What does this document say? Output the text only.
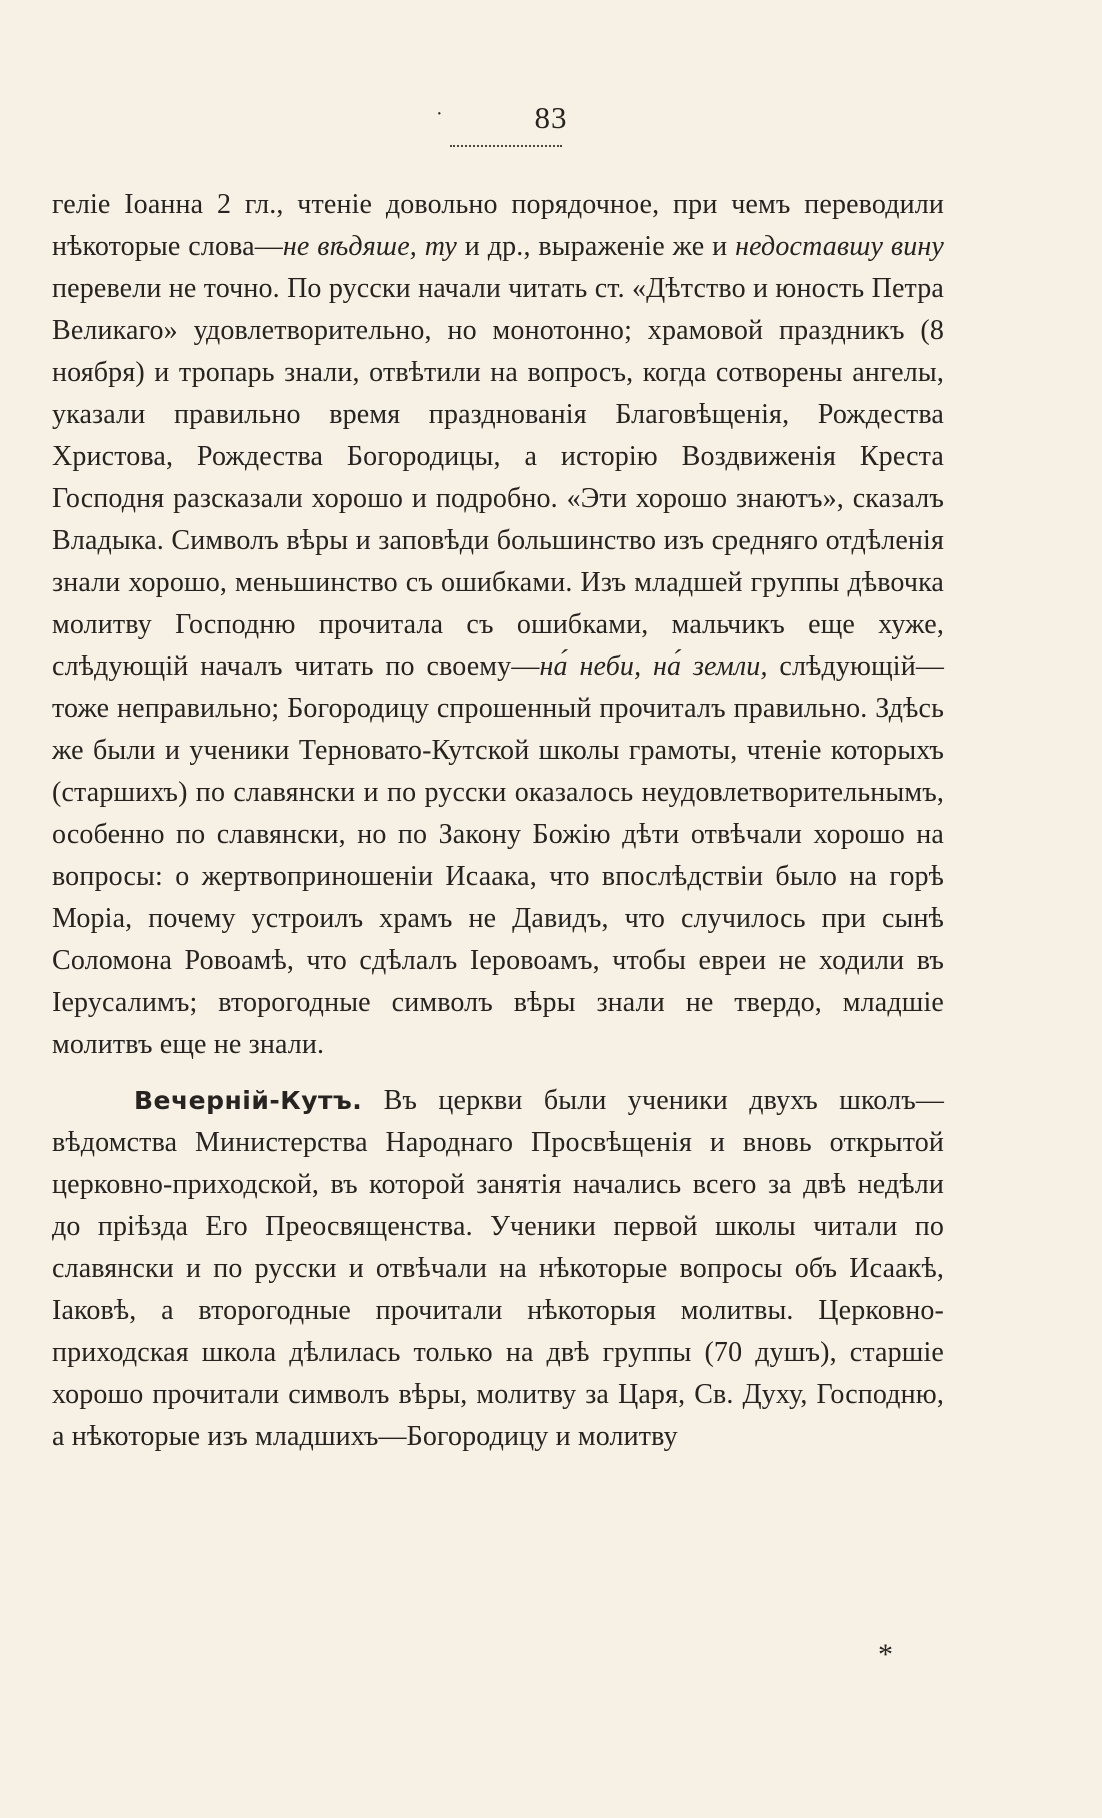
·	83

геліе Іоанна 2 гл., чтеніе довольно порядочное, при чемъ переводили нѣкоторые слова—не вѣдяше, ту и др., выраженіе же и недоставшу вину перевели не точно. По русски начали читать ст. «Дѣтство и юность Петра Великаго» удовлетворительно, но монотонно; храмовой праздникъ (8 ноября) и тропарь знали, отвѣтили на вопросъ, когда сотворены ангелы, указали правильно время празднованія Благовѣщенія, Рождества Христова, Рождества Богородицы, а исторію Воздвиженія Креста Господня разсказали хорошо и подробно. «Эти хорошо знаютъ», сказалъ Владыка. Символъ вѣры и заповѣди большинство изъ средняго отдѣленія знали хорошо, меньшинство съ ошибками. Изъ младшей группы дѣвочка молитву Господню прочитала съ ошибками, мальчикъ еще хуже, слѣдующій началъ читать по своему—на́ неби, на́ земли, слѣдующій—тоже неправильно; Богородицу спрошенный прочиталъ правильно. Здѣсь же были и ученики Терновато-Кутской школы грамоты, чтеніе которыхъ (старшихъ) по славянски и по русски оказалось неудовлетворительнымъ, особенно по славянски, но по Закону Божію дѣти отвѣчали хорошо на вопросы: о жертвоприношеніи Исаака, что впослѣдствіи было на горѣ Моріа, почему устроилъ храмъ не Давидъ, что случилось при сынѣ Соломона Ровоамѣ, что сдѣлалъ Іеровоамъ, чтобы евреи не ходили въ Іерусалимъ; второгодные символъ вѣры знали не твердо, младшіе молитвъ еще не знали.

Вечерній-Кутъ. Въ церкви были ученики двухъ школъ—вѣдомства Министерства Народнаго Просвѣщенія и вновь открытой церковно-приходской, въ которой занятія начались всего за двѣ недѣли до пріѣзда Его Преосвященства. Ученики первой школы читали по славянски и по русски и отвѣчали на нѣкоторые вопросы объ Исаакѣ, Іаковѣ, а второгодные прочитали нѣкоторыя молитвы. Церковно-приходская школа дѣлилась только на двѣ группы (70 душъ), старшіе хорошо прочитали символъ вѣры, молитву за Царя, Св. Духу, Господню, а нѣкоторые изъ младшихъ—Богородицу и молитву

*
